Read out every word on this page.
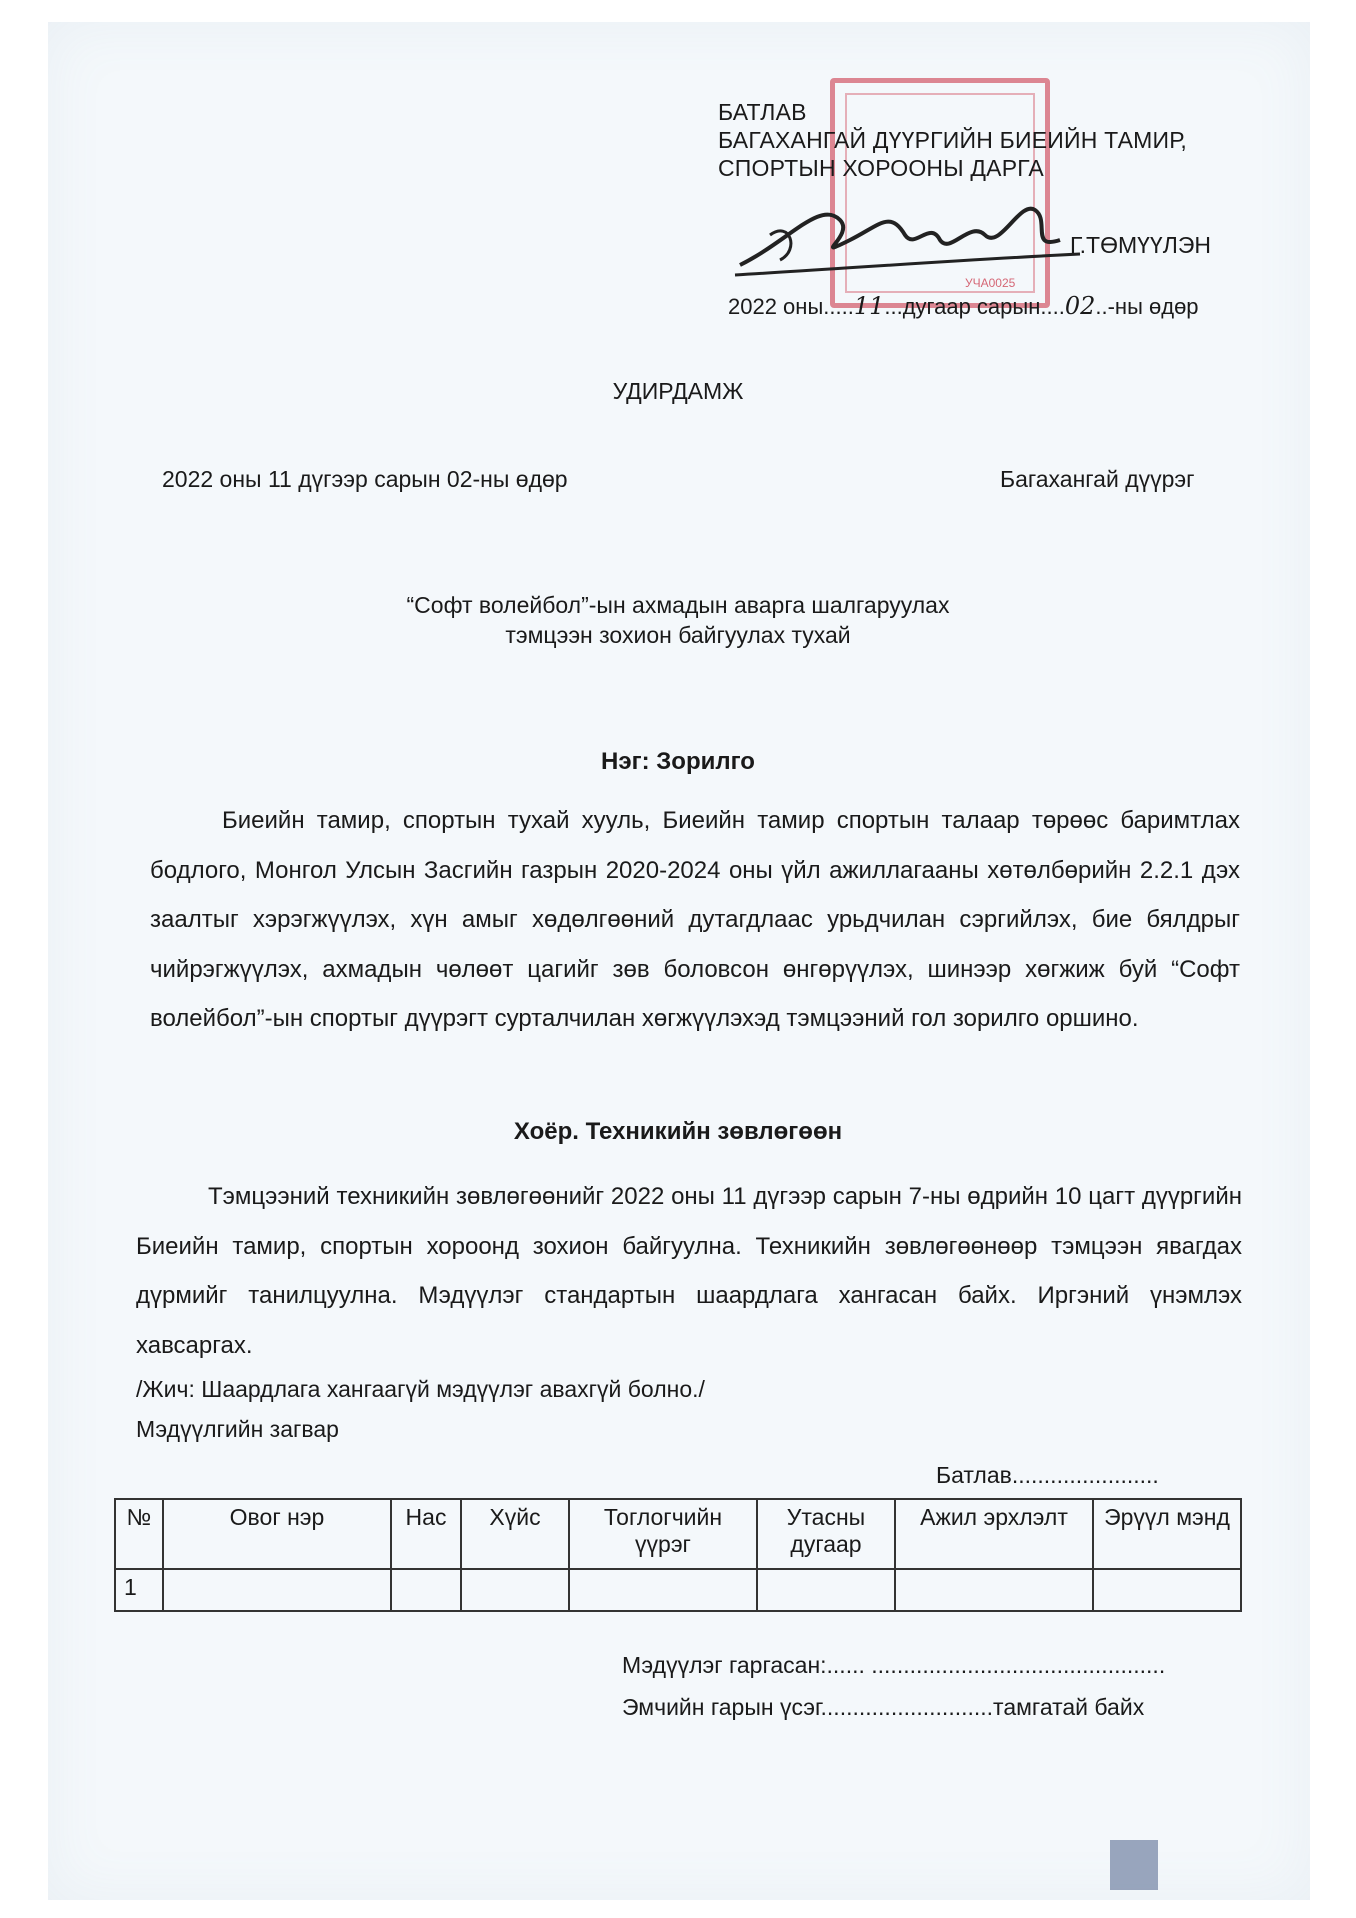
УЧА0025
БАТЛАВ
БАГАХАНГАЙ ДҮҮРГИЙН БИЕИЙН ТАМИР,
СПОРТЫН ХОРООНЫ ДАРГА
Г.ТӨМҮҮЛЭН
2022 оны.....11...дугаар сарын....02..-ны өдөр
УДИРДАМЖ
2022 оны 11 дүгээр сарын 02-ны өдөр	Багахангай дүүрэг
“Софт волейбол”-ын ахмадын аварга шалгаруулах
тэмцээн зохион байгуулах тухай
Нэг: Зорилго
Биеийн тамир, спортын тухай хууль, Биеийн тамир спортын талаар төрөөс баримтлах бодлого, Монгол Улсын Засгийн газрын 2020-2024 оны үйл ажиллагааны хөтөлбөрийн 2.2.1 дэх заалтыг хэрэгжүүлэх, хүн амыг хөдөлгөөний дутагдлаас урьдчилан сэргийлэх, бие бялдрыг чийрэгжүүлэх, ахмадын чөлөөт цагийг зөв боловсон өнгөрүүлэх, шинээр хөгжиж буй “Софт волейбол”-ын спортыг дүүрэгт сурталчилан хөгжүүлэхэд тэмцээний гол зорилго оршино.
Хоёр. Техникийн зөвлөгөөн
Тэмцээний техникийн зөвлөгөөнийг 2022 оны 11 дүгээр сарын 7-ны өдрийн 10 цагт дүүргийн Биеийн тамир, спортын хороонд зохион байгуулна. Техникийн зөвлөгөөнөөр тэмцээн явагдах дүрмийг танилцуулна. Мэдүүлэг стандартын шаардлага хангасан байх. Иргэний үнэмлэх хавсаргах.
/Жич: Шаардлага хангаагүй мэдүүлэг авахгүй болно./
Мэдүүлгийн загвар
Батлав.......................
№	Овог нэр	Нас	Хүйс	Тоглогчийн үүрэг	Утасны дугаар	Ажил эрхлэлт	Эрүүл мэнд
1							
Мэдүүлэг гаргасан:...... ..............................................
Эмчийн гарын үсэг...........................тамгатай байх
